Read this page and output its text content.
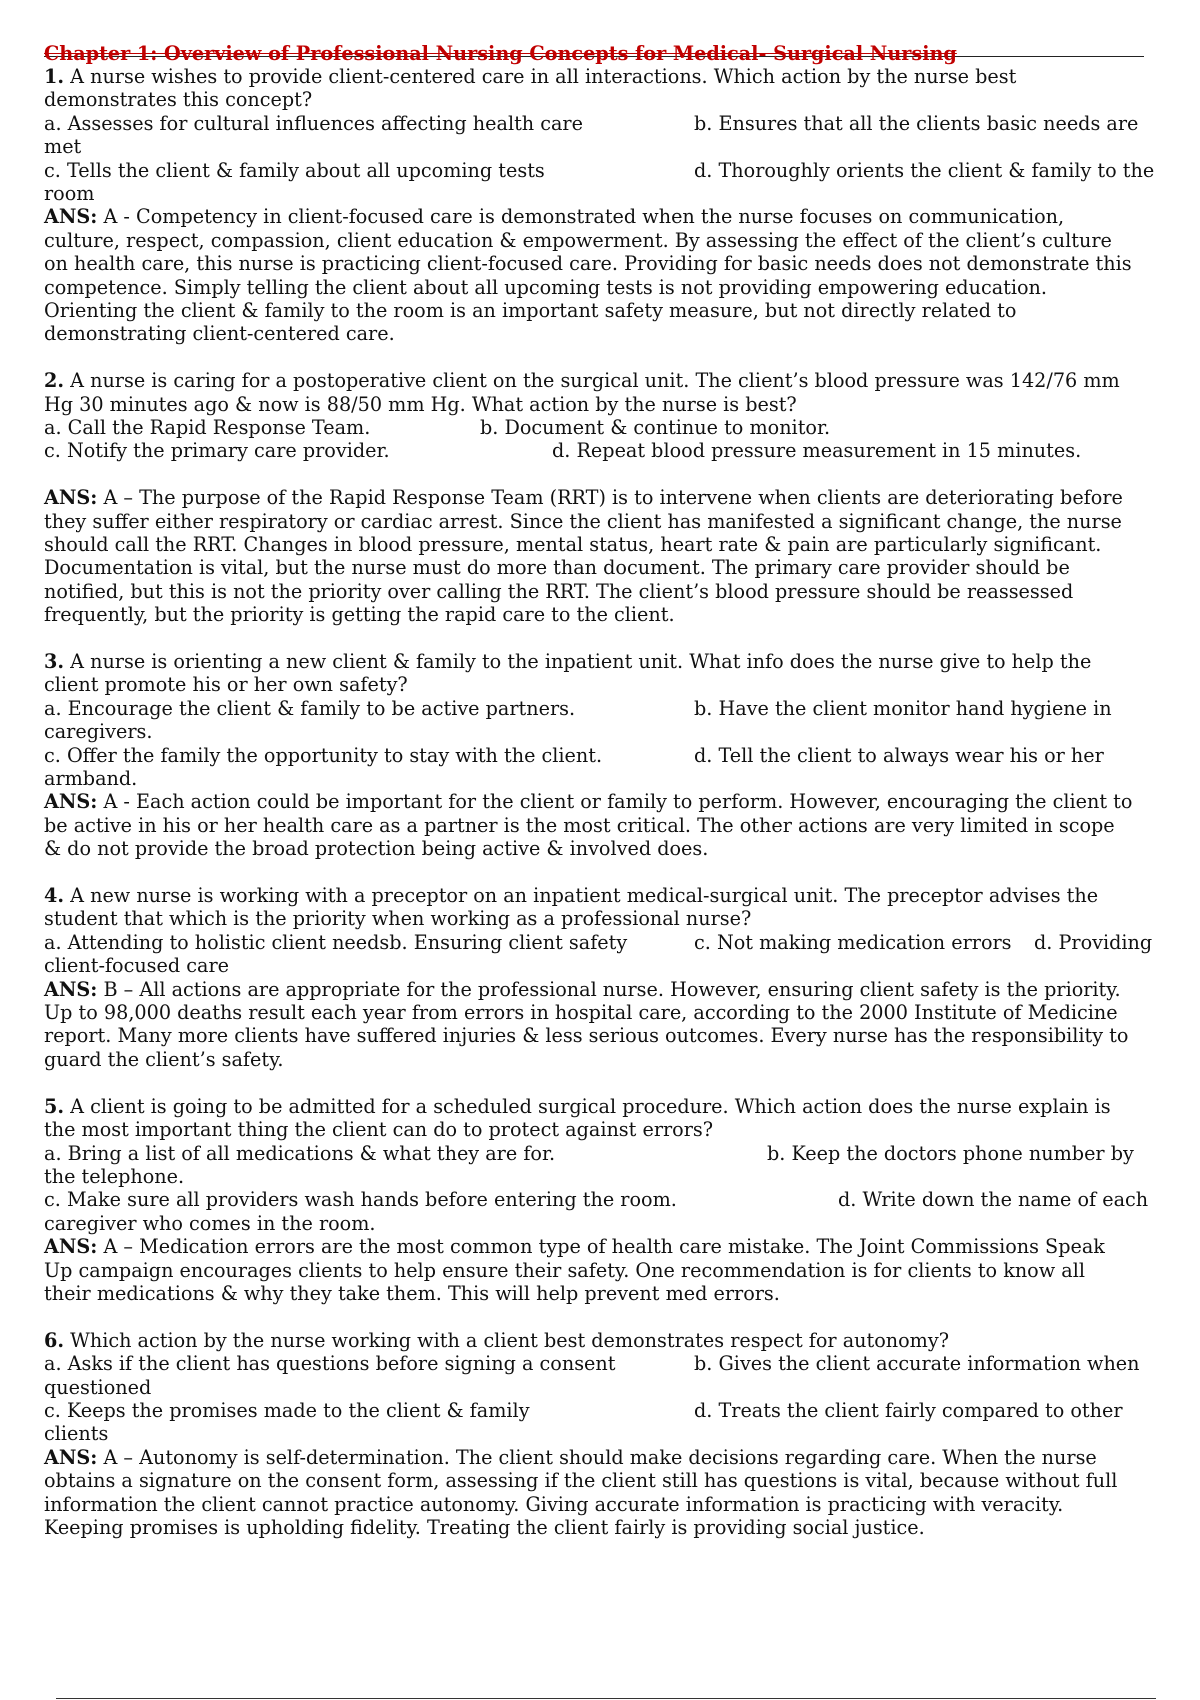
Chapter 1: Overview of Professional Nursing Concepts for Medical- Surgical Nursing
1. A nurse wishes to provide client-centered care in all interactions. Which action by the nurse best
demonstrates this concept?
a. Assesses for cultural influences affecting health care	b. Ensures that all the clients basic needs are
met
c. Tells the client & family about all upcoming tests	d. Thoroughly orients the client & family to the
room
ANS: A - Competency in client-focused care is demonstrated when the nurse focuses on communication,
culture, respect, compassion, client education & empowerment. By assessing the effect of the client’s culture
on health care, this nurse is practicing client-focused care. Providing for basic needs does not demonstrate this
competence. Simply telling the client about all upcoming tests is not providing empowering education.
Orienting the client & family to the room is an important safety measure, but not directly related to
demonstrating client-centered care.
2. A nurse is caring for a postoperative client on the surgical unit. The client’s blood pressure was 142/76 mm
Hg 30 minutes ago & now is 88/50 mm Hg. What action by the nurse is best?
a. Call the Rapid Response Team.	b. Document & continue to monitor.
c. Notify the primary care provider.	d. Repeat blood pressure measurement in 15 minutes.
ANS: A – The purpose of the Rapid Response Team (RRT) is to intervene when clients are deteriorating before
they suffer either respiratory or cardiac arrest. Since the client has manifested a significant change, the nurse
should call the RRT. Changes in blood pressure, mental status, heart rate & pain are particularly significant.
Documentation is vital, but the nurse must do more than document. The primary care provider should be
notified, but this is not the priority over calling the RRT. The client’s blood pressure should be reassessed
frequently, but the priority is getting the rapid care to the client.
3. A nurse is orienting a new client & family to the inpatient unit. What info does the nurse give to help the
client promote his or her own safety?
a. Encourage the client & family to be active partners.	b. Have the client monitor hand hygiene in
caregivers.
c. Offer the family the opportunity to stay with the client.	d. Tell the client to always wear his or her
armband.
ANS: A - Each action could be important for the client or family to perform. However, encouraging the client to
be active in his or her health care as a partner is the most critical. The other actions are very limited in scope
& do not provide the broad protection being active & involved does.
4. A new nurse is working with a preceptor on an inpatient medical-surgical unit. The preceptor advises the
student that which is the priority when working as a professional nurse?
a. Attending to holistic client needsb. Ensuring client safety	c. Not making medication errors d. Providing
client-focused care
ANS: B – All actions are appropriate for the professional nurse. However, ensuring client safety is the priority.
Up to 98,000 deaths result each year from errors in hospital care, according to the 2000 Institute of Medicine
report. Many more clients have suffered injuries & less serious outcomes. Every nurse has the responsibility to
guard the client’s safety.
5. A client is going to be admitted for a scheduled surgical procedure. Which action does the nurse explain is
the most important thing the client can do to protect against errors?
a. Bring a list of all medications & what they are for.	b. Keep the doctors phone number by
the telephone.
c. Make sure all providers wash hands before entering the room.	d. Write down the name of each
caregiver who comes in the room.
ANS: A – Medication errors are the most common type of health care mistake. The Joint Commissions Speak
Up campaign encourages clients to help ensure their safety. One recommendation is for clients to know all
their medications & why they take them. This will help prevent med errors.
6. Which action by the nurse working with a client best demonstrates respect for autonomy?
a. Asks if the client has questions before signing a consent	b. Gives the client accurate information when
questioned
c. Keeps the promises made to the client & family	d. Treats the client fairly compared to other
clients
ANS: A – Autonomy is self-determination. The client should make decisions regarding care. When the nurse
obtains a signature on the consent form, assessing if the client still has questions is vital, because without full
information the client cannot practice autonomy. Giving accurate information is practicing with veracity.
Keeping promises is upholding fidelity. Treating the client fairly is providing social justice.
